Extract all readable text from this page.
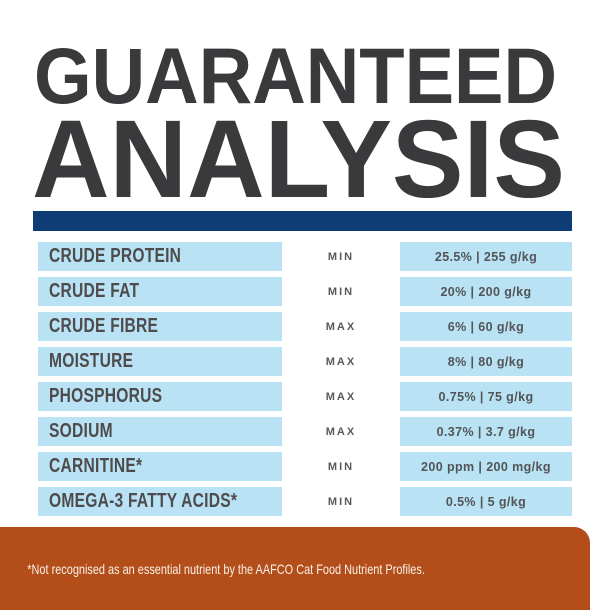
GUARANTEED
ANALYSIS
CRUDE PROTEIN	MIN	25.5% | 255 g/kg
CRUDE FAT	MIN	20% | 200 g/kg
CRUDE FIBRE	MAX	6% | 60 g/kg
MOISTURE	MAX	8% | 80 g/kg
PHOSPHORUS	MAX	0.75% | 75 g/kg
SODIUM	MAX	0.37% | 3.7 g/kg
CARNITINE*	MIN	200 ppm | 200 mg/kg
OMEGA-3 FATTY ACIDS*	MIN	0.5% | 5 g/kg
*Not recognised as an essential nutrient by the AAFCO Cat Food Nutrient Profiles.
